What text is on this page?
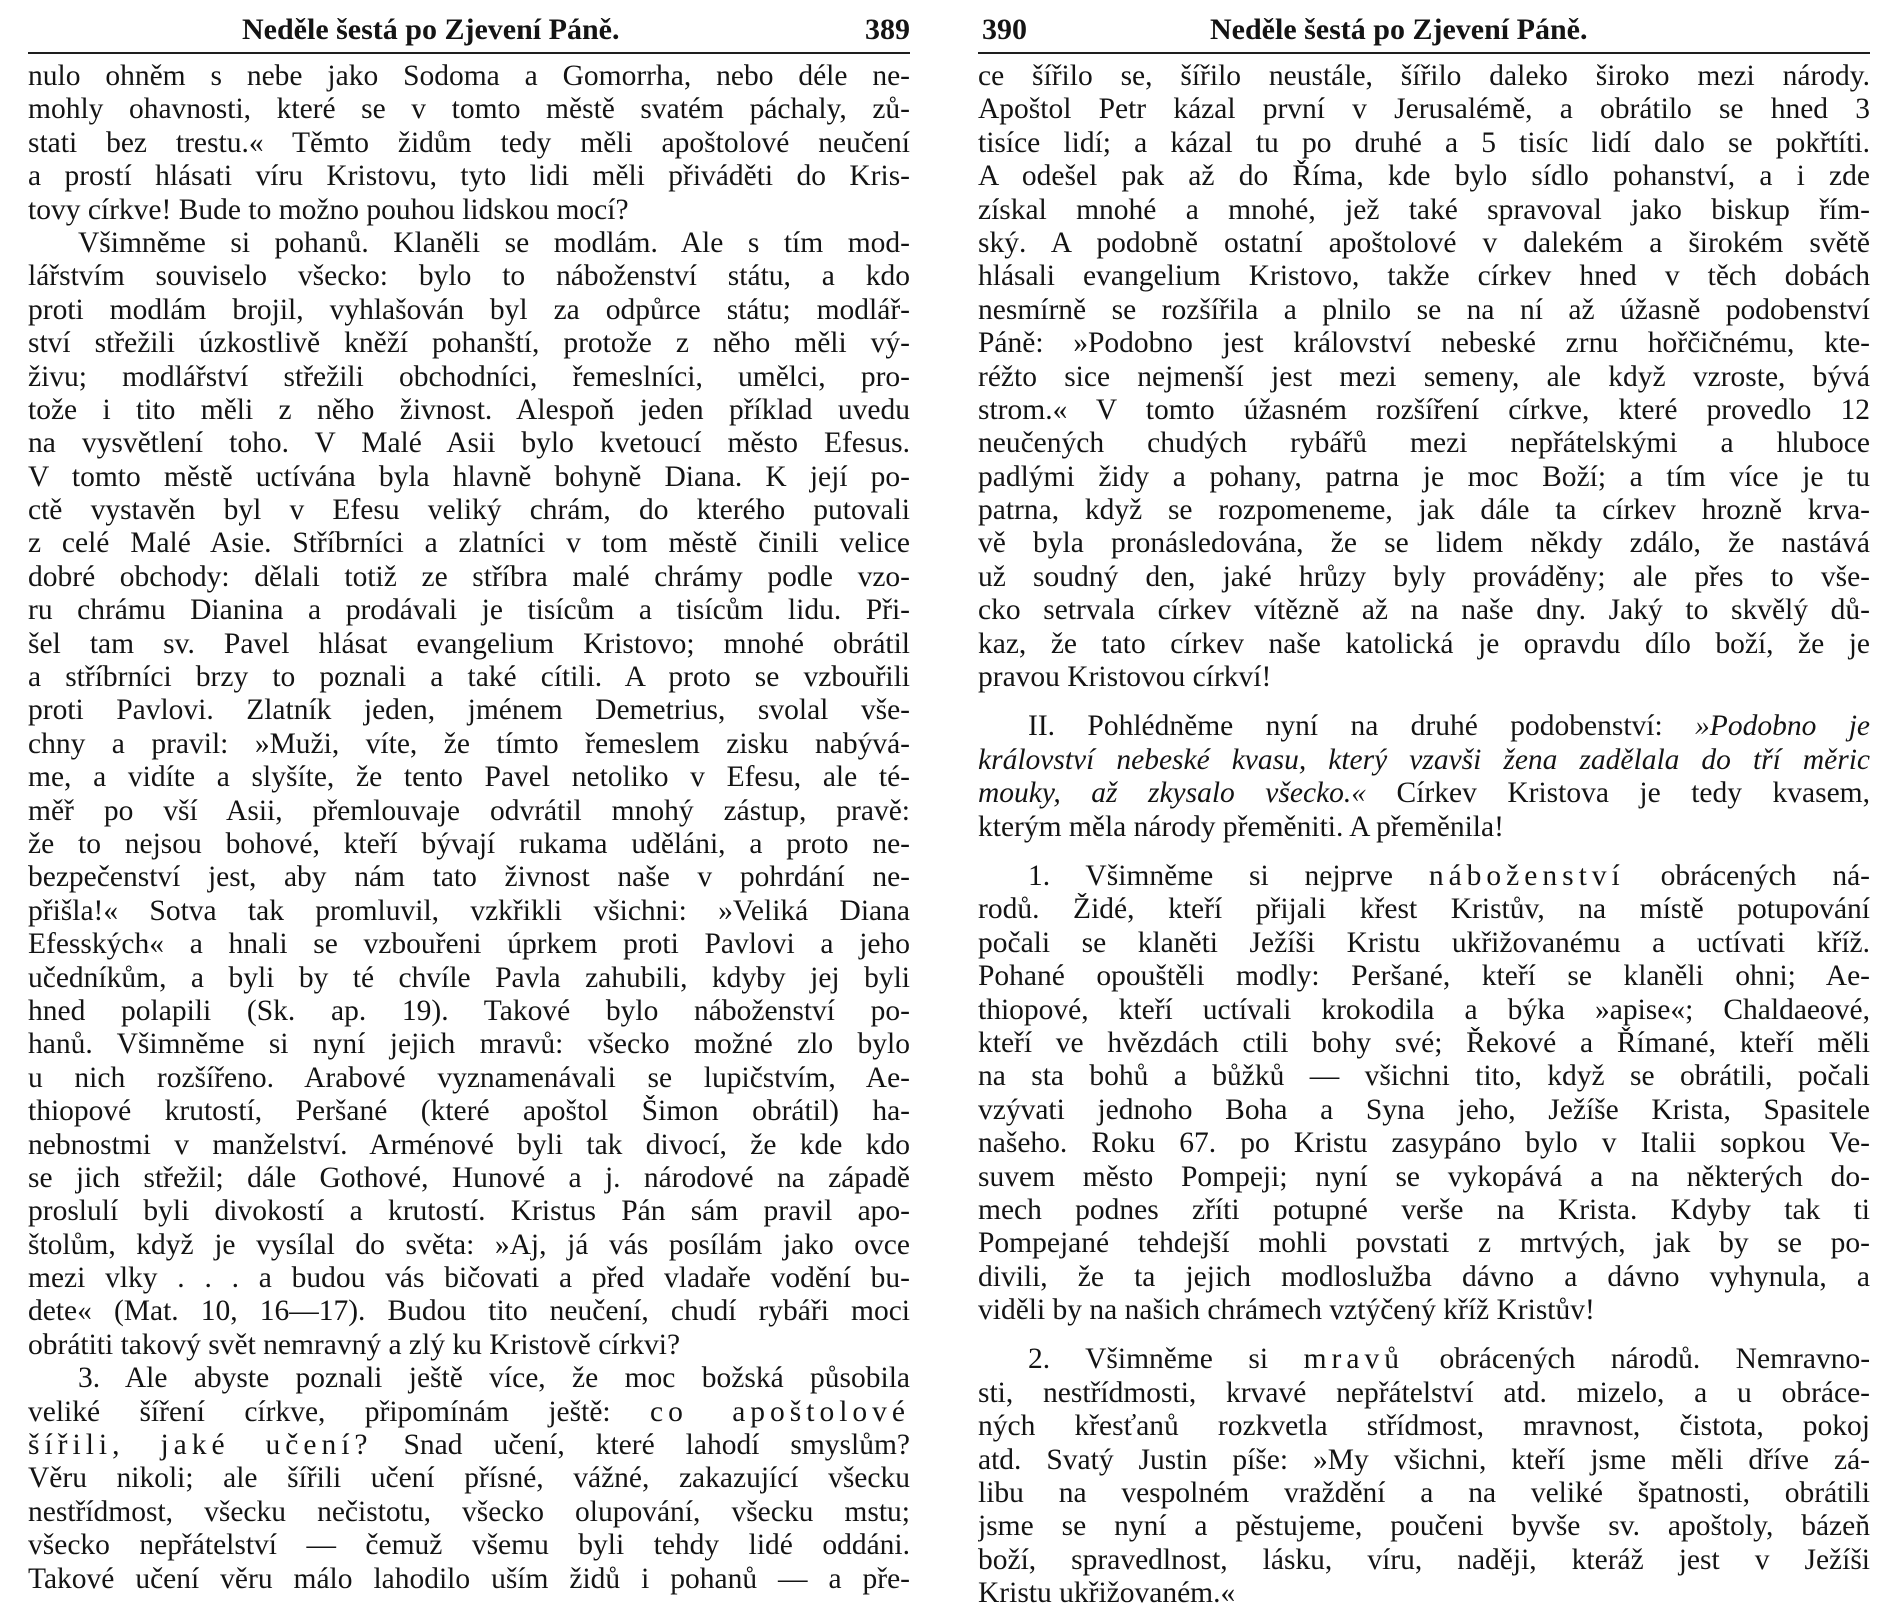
Neděle šestá po Zjevení Páně.	389
nulo ohněm s nebe jako Sodoma a Gomorrha, nebo déle ne-
mohly ohavnosti, které se v tomto městě svatém páchaly, zů-
stati bez trestu.« Těmto židům tedy měli apoštolové neučení
a prostí hlásati víru Kristovu, tyto lidi měli přiváděti do Kris-
tovy církve! Bude to možno pouhou lidskou mocí?
Všimněme si pohanů. Klaněli se modlám. Ale s tím mod-
lářstvím souviselo všecko: bylo to náboženství státu, a kdo
proti modlám brojil, vyhlašován byl za odpůrce státu; modlář-
ství střežili úzkostlivě kněží pohanští, protože z něho měli vý-
živu; modlářství střežili obchodníci, řemeslníci, umělci, pro-
tože i tito měli z něho živnost. Alespoň jeden příklad uvedu
na vysvětlení toho. V Malé Asii bylo kvetoucí město Efesus.
V tomto městě uctívána byla hlavně bohyně Diana. K její po-
ctě vystavěn byl v Efesu veliký chrám, do kterého putovali
z celé Malé Asie. Stříbrníci a zlatníci v tom městě činili velice
dobré obchody: dělali totiž ze stříbra malé chrámy podle vzo-
ru chrámu Dianina a prodávali je tisícům a tisícům lidu. Při-
šel tam sv. Pavel hlásat evangelium Kristovo; mnohé obrátil
a stříbrníci brzy to poznali a také cítili. A proto se vzbouřili
proti Pavlovi. Zlatník jeden, jménem Demetrius, svolal vše-
chny a pravil: »Muži, víte, že tímto řemeslem zisku nabývá-
me, a vidíte a slyšíte, že tento Pavel netoliko v Efesu, ale té-
měř po vší Asii, přemlouvaje odvrátil mnohý zástup, pravě:
že to nejsou bohové, kteří bývají rukama uděláni, a proto ne-
bezpečenství jest, aby nám tato živnost naše v pohrdání ne-
přišla!« Sotva tak promluvil, vzkřikli všichni: »Veliká Diana
Efesských« a hnali se vzbouřeni úprkem proti Pavlovi a jeho
učedníkům, a byli by té chvíle Pavla zahubili, kdyby jej byli
hned polapili (Sk. ap. 19). Takové bylo náboženství po-
hanů. Všimněme si nyní jejich mravů: všecko možné zlo bylo
u nich rozšířeno. Arabové vyznamenávali se lupičstvím, Ae-
thiopové krutostí, Peršané (které apoštol Šimon obrátil) ha-
nebnostmi v manželství. Arménové byli tak divocí, že kde kdo
se jich střežil; dále Gothové, Hunové a j. národové na západě
proslulí byli divokostí a krutostí. Kristus Pán sám pravil apo-
štolům, když je vysílal do světa: »Aj, já vás posílám jako ovce
mezi vlky . . . a budou vás bičovati a před vladaře vodění bu-
dete« (Mat. 10, 16—17). Budou tito neučení, chudí rybáři moci
obrátiti takový svět nemravný a zlý ku Kristově církvi?
3. Ale abyste poznali ještě více, že moc božská působila
veliké šíření církve, připomínám ještě: co apoštolové
šířili, jaké učení? Snad učení, které lahodí smyslům?
Věru nikoli; ale šířili učení přísné, vážné, zakazující všecku
nestřídmost, všecku nečistotu, všecko olupování, všecku mstu;
všecko nepřátelství — čemuž všemu byli tehdy lidé oddáni.
Takové učení věru málo lahodilo uším židů i pohanů — a pře-
390	Neděle šestá po Zjevení Páně.
ce šířilo se, šířilo neustále, šířilo daleko široko mezi národy.
Apoštol Petr kázal první v Jerusalémě, a obrátilo se hned 3
tisíce lidí; a kázal tu po druhé a 5 tisíc lidí dalo se pokřtíti.
A odešel pak až do Říma, kde bylo sídlo pohanství, a i zde
získal mnohé a mnohé, jež také spravoval jako biskup řím-
ský. A podobně ostatní apoštolové v dalekém a širokém světě
hlásali evangelium Kristovo, takže církev hned v těch dobách
nesmírně se rozšířila a plnilo se na ní až úžasně podobenství
Páně: »Podobno jest království nebeské zrnu hořčičnému, kte-
réžto sice nejmenší jest mezi semeny, ale když vzroste, bývá
strom.« V tomto úžasném rozšíření církve, které provedlo 12
neučených chudých rybářů mezi nepřátelskými a hluboce
padlými židy a pohany, patrna je moc Boží; a tím více je tu
patrna, když se rozpomeneme, jak dále ta církev hrozně krva-
vě byla pronásledována, že se lidem někdy zdálo, že nastává
už soudný den, jaké hrůzy byly prováděny; ale přes to vše-
cko setrvala církev vítězně až na naše dny. Jaký to skvělý dů-
kaz, že tato církev naše katolická je opravdu dílo boží, že je
pravou Kristovou církví!
II. Pohlédněme nyní na druhé podobenství: »Podobno je
království nebeské kvasu, který vzavši žena zadělala do tří měric
mouky, až zkysalo všecko.« Církev Kristova je tedy kvasem,
kterým měla národy přeměniti. A přeměnila!
1. Všimněme si nejprve náboženství obrácených ná-
rodů. Židé, kteří přijali křest Kristův, na místě potupování
počali se klaněti Ježíši Kristu ukřižovanému a uctívati kříž.
Pohané opouštěli modly: Peršané, kteří se klaněli ohni; Ae-
thiopové, kteří uctívali krokodila a býka »apise«; Chaldaeové,
kteří ve hvězdách ctili bohy své; Řekové a Římané, kteří měli
na sta bohů a bůžků — všichni tito, když se obrátili, počali
vzývati jednoho Boha a Syna jeho, Ježíše Krista, Spasitele
našeho. Roku 67. po Kristu zasypáno bylo v Italii sopkou Ve-
suvem město Pompeji; nyní se vykopává a na některých do-
mech podnes zříti potupné verše na Krista. Kdyby tak ti
Pompejané tehdejší mohli povstati z mrtvých, jak by se po-
divili, že ta jejich modloslužba dávno a dávno vyhynula, a
viděli by na našich chrámech vztýčený kříž Kristův!
2. Všimněme si mravů obrácených národů. Nemravno-
sti, nestřídmosti, krvavé nepřátelství atd. mizelo, a u obráce-
ných křesťanů rozkvetla střídmost, mravnost, čistota, pokoj
atd. Svatý Justin píše: »My všichni, kteří jsme měli dříve zá-
libu na vespolném vraždění a na veliké špatnosti, obrátili
jsme se nyní a pěstujeme, poučeni byvše sv. apoštoly, bázeň
boží, spravedlnost, lásku, víru, naději, kteráž jest v Ježíši
Kristu ukřižovaném.«
